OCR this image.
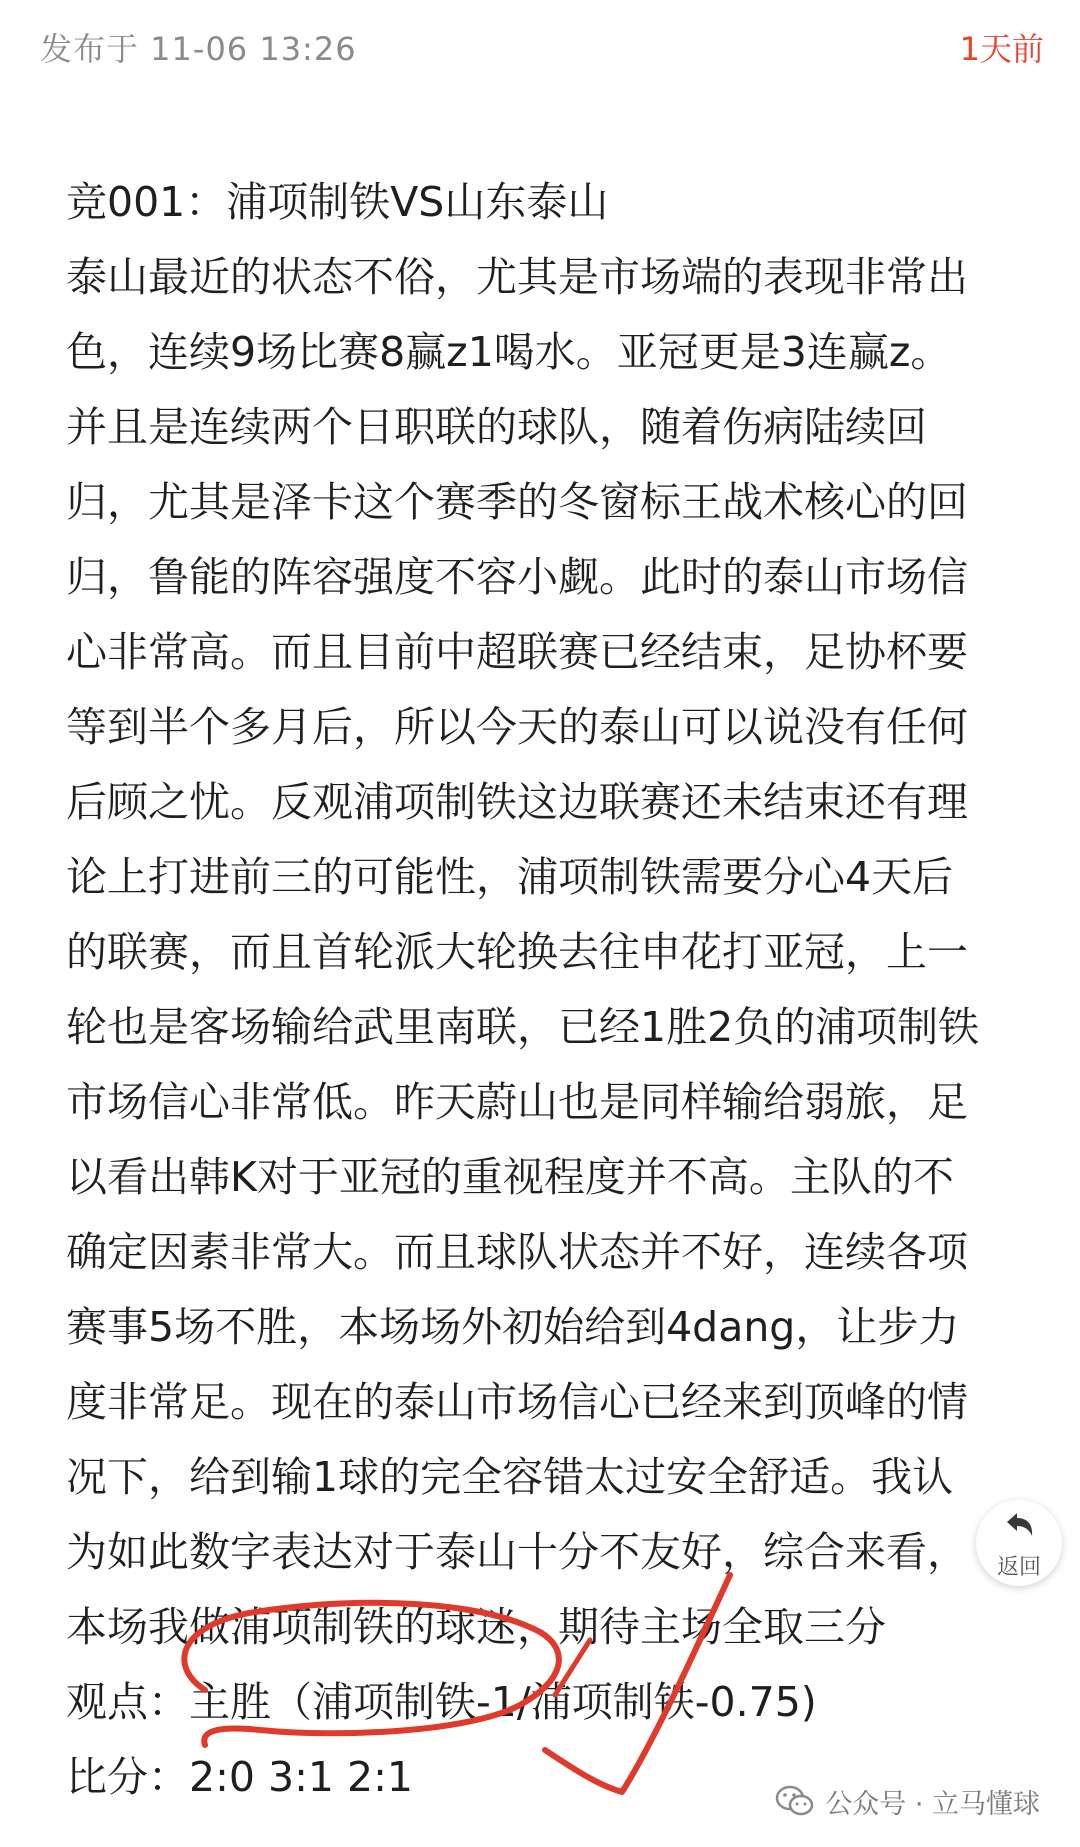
发布于 11-06 13:26	1天前
竞001：浦项制铁VS山东泰山
泰山最近的状态不俗，尤其是市场端的表现非常出
色，连续9场比赛8赢z1喝水。亚冠更是3连赢z。
并且是连续两个日职联的球队，随着伤病陆续回
归，尤其是泽卡这个赛季的冬窗标王战术核心的回
归，鲁能的阵容强度不容小觑。此时的泰山市场信
心非常高。而且目前中超联赛已经结束，足协杯要
等到半个多月后，所以今天的泰山可以说没有任何
后顾之忧。反观浦项制铁这边联赛还未结束还有理
论上打进前三的可能性，浦项制铁需要分心4天后
的联赛，而且首轮派大轮换去往申花打亚冠，上一
轮也是客场输给武里南联，已经1胜2负的浦项制铁
市场信心非常低。昨天蔚山也是同样输给弱旅，足
以看出韩K对于亚冠的重视程度并不高。主队的不
确定因素非常大。而且球队状态并不好，连续各项
赛事5场不胜，本场场外初始给到4dang，让步力
度非常足。现在的泰山市场信心已经来到顶峰的情
况下，给到输1球的完全容错太过安全舒适。我认
为如此数字表达对于泰山十分不友好，综合来看，
本场我做浦项制铁的球迷，期待主场全取三分
观点：主胜（浦项制铁-1/浦项制铁-0.75)
比分：2:0 3:1 2:1
返回
公众号 · 立马懂球
